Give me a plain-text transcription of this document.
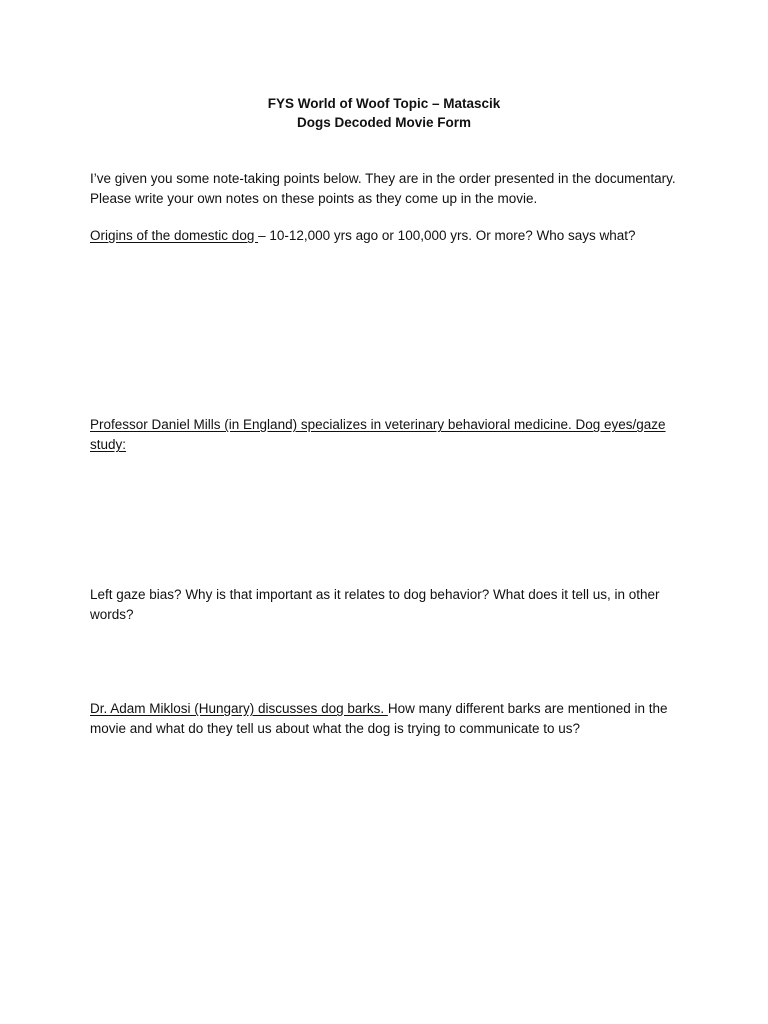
FYS World of Woof Topic – Matascik
Dogs Decoded Movie Form
I’ve given you some note-taking points below. They are in the order presented in the documentary. Please write your own notes on these points as they come up in the movie.
Origins of the domestic dog – 10-12,000 yrs ago or 100,000 yrs. Or more? Who says what?
Professor Daniel Mills (in England) specializes in veterinary behavioral medicine. Dog eyes/gaze study:
Left gaze bias? Why is that important as it relates to dog behavior? What does it tell us, in other words?
Dr. Adam Miklosi (Hungary) discusses dog barks. How many different barks are mentioned in the movie and what do they tell us about what the dog is trying to communicate to us?
